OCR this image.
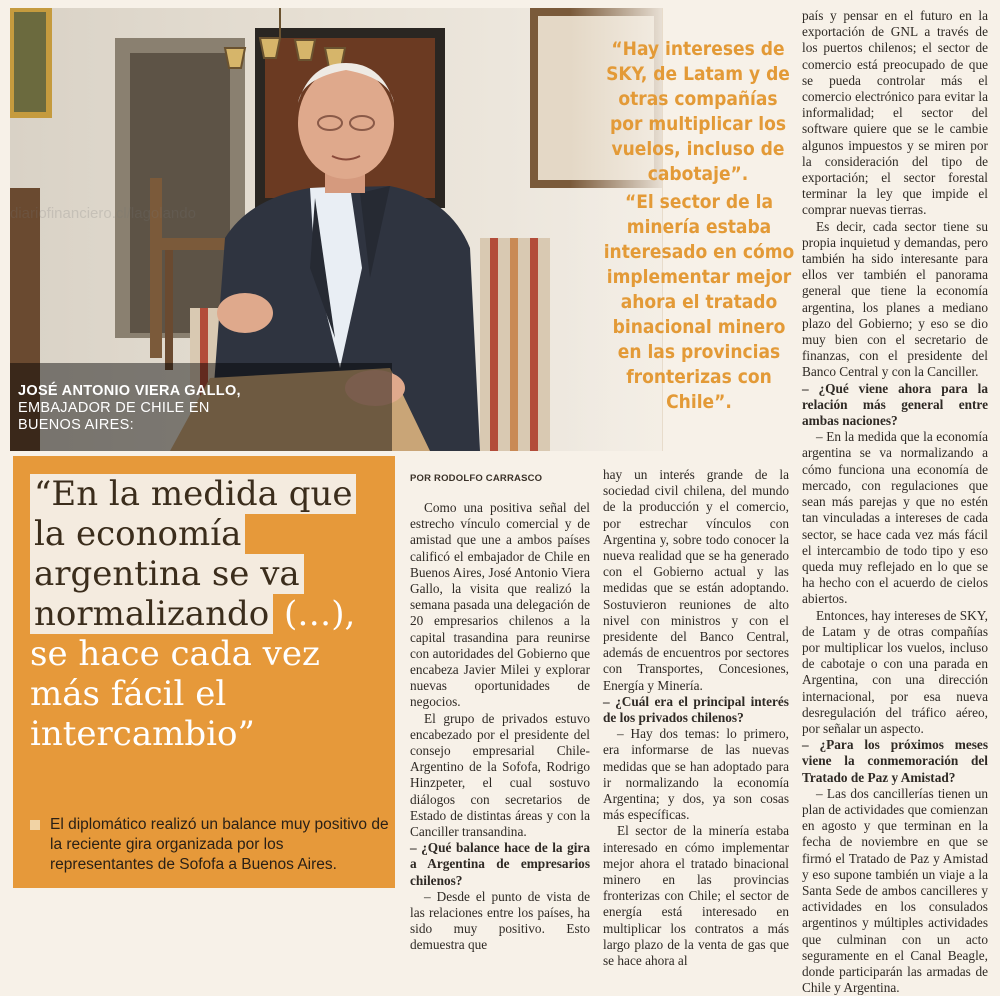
diariofinanciero.cl/lagolando
JOSÉ ANTONIO VIERA GALLO,
EMBAJADOR DE CHILE EN BUENOS AIRES:
“Hay intereses de SKY, de Latam y de otras compañías por multiplicar los vuelos, incluso de cabotaje”.
“El sector de la minería estaba interesado en cómo implementar mejor ahora el tratado binacional minero en las provincias fronterizas con Chile”.
“En la medida que la economía argentina se va normalizando (…), se hace cada vez más fácil el intercambio”
El diplomático realizó un balance muy positivo de la reciente gira organizada por los representantes de Sofofa a Buenos Aires.
POR RODOLFO CARRASCO

Como una positiva señal del estrecho vínculo comercial y de amistad que une a ambos países calificó el embajador de Chile en Buenos Aires, José Antonio Viera Gallo, la visita que realizó la semana pasada una delegación de 20 empresarios chilenos a la capital trasandina para reunirse con autoridades del Gobierno que encabeza Javier Milei y explorar nuevas oportunidades de negocios.

El grupo de privados estuvo encabezado por el presidente del consejo empresarial Chile-Argentino de la Sofofa, Rodrigo Hinzpeter, el cual sostuvo diálogos con secretarios de Estado de distintas áreas y con la Canciller transandina.

– ¿Qué balance hace de la gira a Argentina de empresarios chilenos?

– Desde el punto de vista de las relaciones entre los países, ha sido muy positivo. Esto demuestra que

hay un interés grande de la sociedad civil chilena, del mundo de la producción y el comercio, por estrechar vínculos con Argentina y, sobre todo conocer la nueva realidad que se ha generado con el Gobierno actual y las medidas que se están adoptando. Sostuvieron reuniones de alto nivel con ministros y con el presidente del Banco Central, además de encuentros por sectores con Transportes, Concesiones, Energía y Minería.

– ¿Cuál era el principal interés de los privados chilenos?

– Hay dos temas: lo primero, era informarse de las nuevas medidas que se han adoptado para ir normalizando la economía Argentina; y dos, ya son cosas más específicas.

El sector de la minería estaba interesado en cómo implementar mejor ahora el tratado binacional minero en las provincias fronterizas con Chile; el sector de energía está interesado en multiplicar los contratos a más largo plazo de la venta de gas que se hace ahora al

país y pensar en el futuro en la exportación de GNL a través de los puertos chilenos; el sector de comercio está preocupado de que se pueda controlar más el comercio electrónico para evitar la informalidad; el sector del software quiere que se le cambie algunos impuestos y se miren por la consideración del tipo de exportación; el sector forestal terminar la ley que impide el comprar nuevas tierras.

Es decir, cada sector tiene su propia inquietud y demandas, pero también ha sido interesante para ellos ver también el panorama general que tiene la economía argentina, los planes a mediano plazo del Gobierno; y eso se dio muy bien con el secretario de finanzas, con el presidente del Banco Central y con la Canciller.

– ¿Qué viene ahora para la relación más general entre ambas naciones?

– En la medida que la economía argentina se va normalizando a cómo funciona una economía de mercado, con regulaciones que sean más parejas y que no estén tan vinculadas a intereses de cada sector, se hace cada vez más fácil el intercambio de todo tipo y eso queda muy reflejado en lo que se ha hecho con el acuerdo de cielos abiertos.

Entonces, hay intereses de SKY, de Latam y de otras compañías por multiplicar los vuelos, incluso de cabotaje o con una parada en Argentina, con una dirección internacional, por esa nueva desregulación del tráfico aéreo, por señalar un aspecto.

– ¿Para los próximos meses viene la conmemoración del Tratado de Paz y Amistad?

– Las dos cancillerías tienen un plan de actividades que comienzan en agosto y que terminan en la fecha de noviembre en que se firmó el Tratado de Paz y Amistad y eso supone también un viaje a la Santa Sede de ambos cancilleres y actividades en los consulados argentinos y múltiples actividades que culminan con un acto seguramente en el Canal Beagle, donde participarán las armadas de Chile y Argentina.
